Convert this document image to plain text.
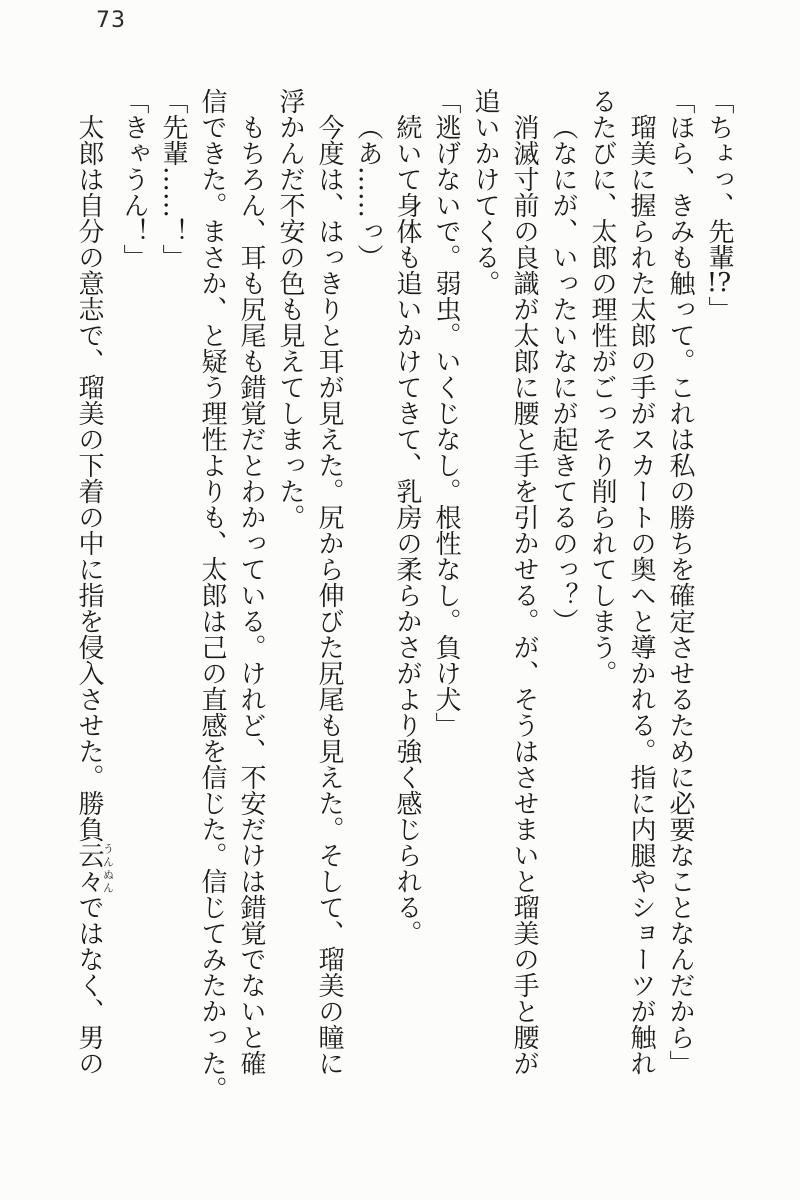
73

「ちょっ、先輩!?」

「ほら、きみも触って。これは私の勝ちを確定させるために必要なことなんだから」

瑠美に握られた太郎の手がスカートの奥へと導かれる。指に内腿やショーツが触れ

るたびに、太郎の理性がごっそり削られてしまう。

（なにが、いったいなにが起きてるのっ？）

消滅寸前の良識が太郎に腰と手を引かせる。が、そうはさせまいと瑠美の手と腰が

追いかけてくる。

「逃げないで。弱虫。いくじなし。根性なし。負け犬」

続いて身体も追いかけてきて、乳房の柔らかさがより強く感じられる。

（あ……っ）

今度は、はっきりと耳が見えた。尻から伸びた尻尾も見えた。そして、瑠美の瞳に

浮かんだ不安の色も見えてしまった。

もちろん、耳も尻尾も錯覚だとわかっている。けれど、不安だけは錯覚でないと確

信できた。まさか、と疑う理性よりも、太郎は己の直感を信じた。信じてみたかった。

「先輩……！」

「きゃうん！」

太郎は自分の意志で、瑠美の下着の中に指を侵入させた。勝負云々うんぬんではなく、男の
